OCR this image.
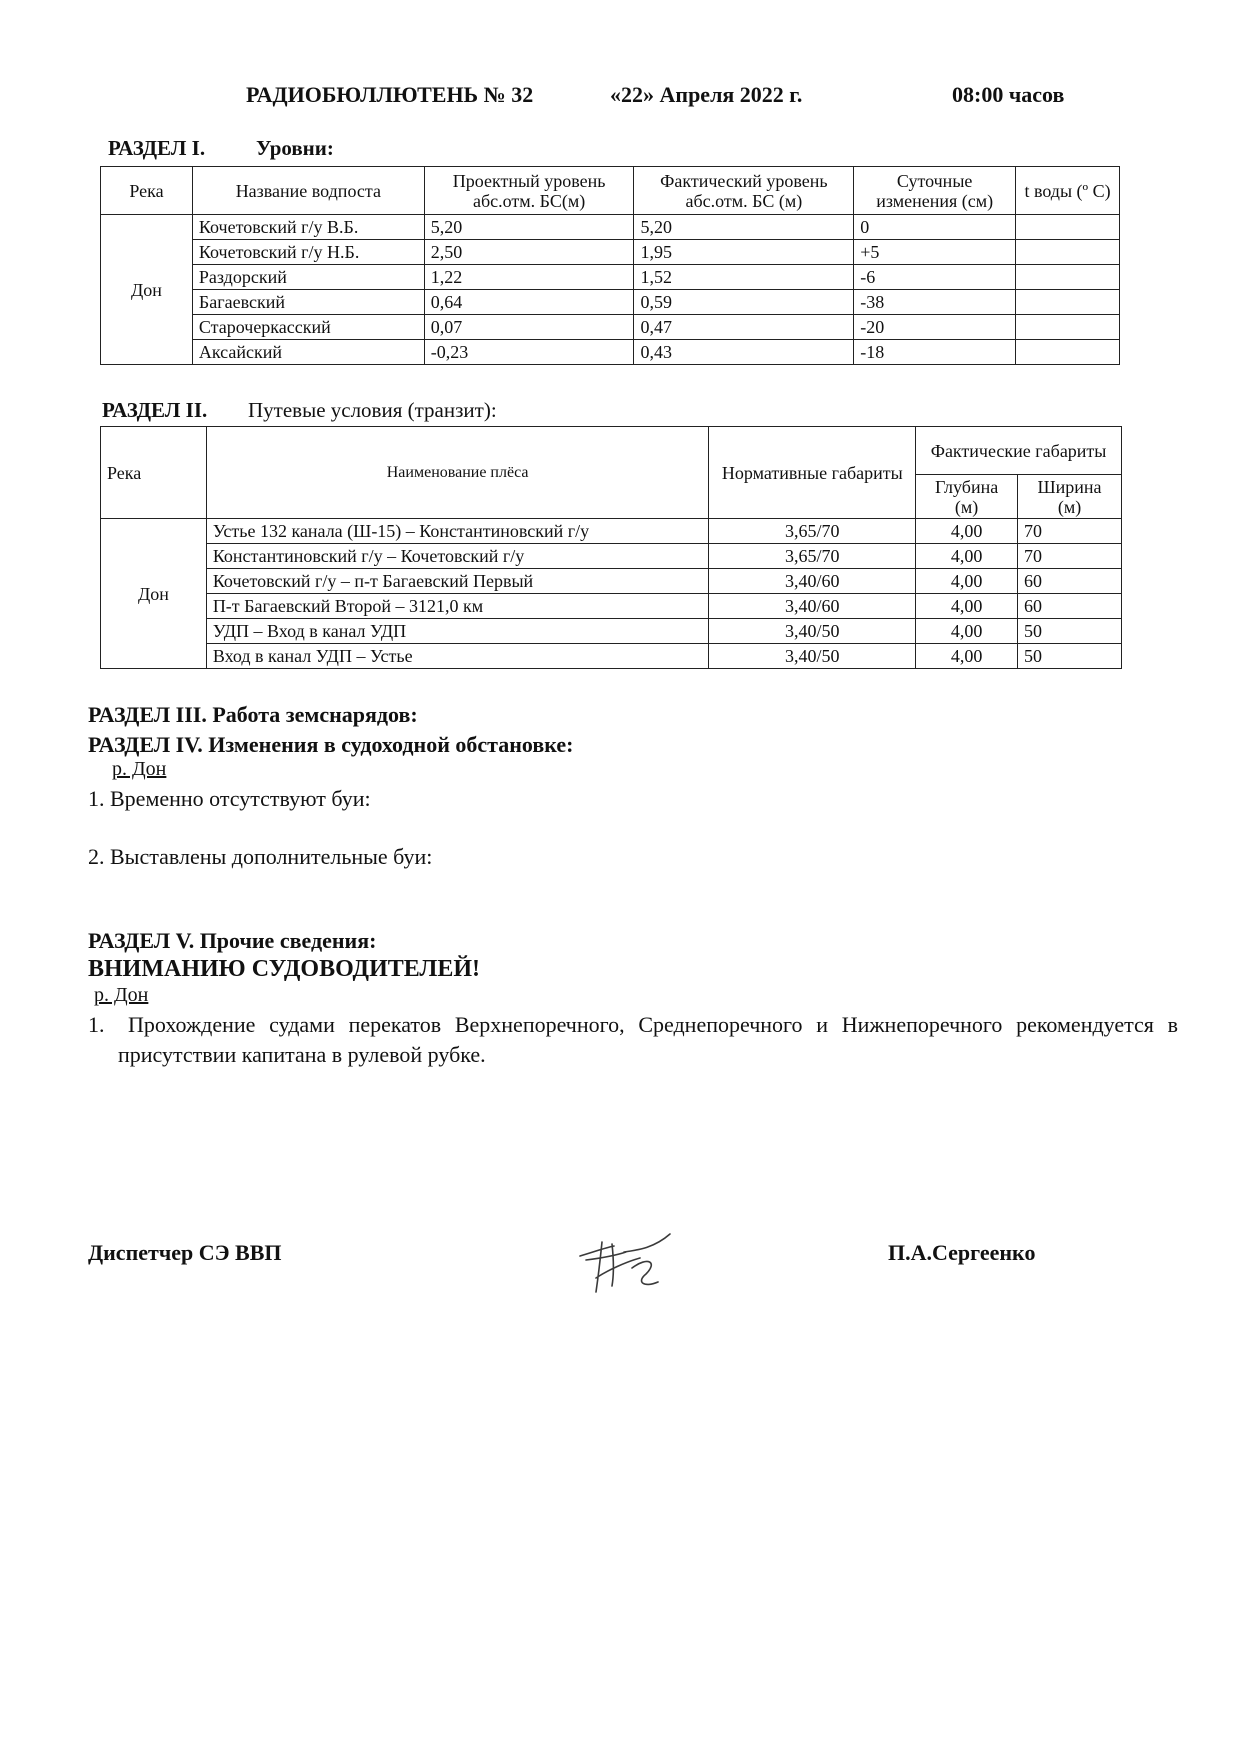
РАДИОБЮЛЛЮТЕНЬ № 32	«22» Апреля 2022 г.	08:00 часов
РАЗДЕЛ I. Уровни:
Река	Название водпоста	Проектный уровень абс.отм. БС(м)	Фактический уровень абс.отм. БС (м)	Суточные изменения (см)	t воды (º С)
Дон	Кочетовский г/у В.Б.	5,20	5,20	0	
	Кочетовский г/у Н.Б.	2,50	1,95	+5	
	Раздорский	1,22	1,52	-6	
	Багаевский	0,64	0,59	-38	
	Старочеркасский	0,07	0,47	-20	
	Аксайский	-0,23	0,43	-18	
РАЗДЕЛ II. Путевые условия (транзит):
Река	Наименование плёса	Нормативные габариты	Фактические габариты	
			Глубина (м)	Ширина (м)
Дон	Устье 132 канала (Ш-15) – Константиновский г/у	3,65/70	4,00	70
	Константиновский г/у – Кочетовский г/у	3,65/70	4,00	70
	Кочетовский г/у – п-т Багаевский Первый	3,40/60	4,00	60
	П-т Багаевский Второй – 3121,0 км	3,40/60	4,00	60
	УДП – Вход в канал УДП	3,40/50	4,00	50
	Вход в канал УДП – Устье	3,40/50	4,00	50
РАЗДЕЛ III. Работа земснарядов:
РАЗДЕЛ IV. Изменения в судоходной обстановке:
р. Дон
1. Временно отсутствуют буи:
2. Выставлены дополнительные буи:
РАЗДЕЛ V. Прочие сведения:
ВНИМАНИЮ СУДОВОДИТЕЛЕЙ!
р. Дон
1.	Прохождение судами перекатов Верхнепоречного, Среднепоречного и Нижнепоречного рекомендуется в присутствии капитана в рулевой рубке.
Диспетчер СЭ ВВП	П.А.Сергеенко
